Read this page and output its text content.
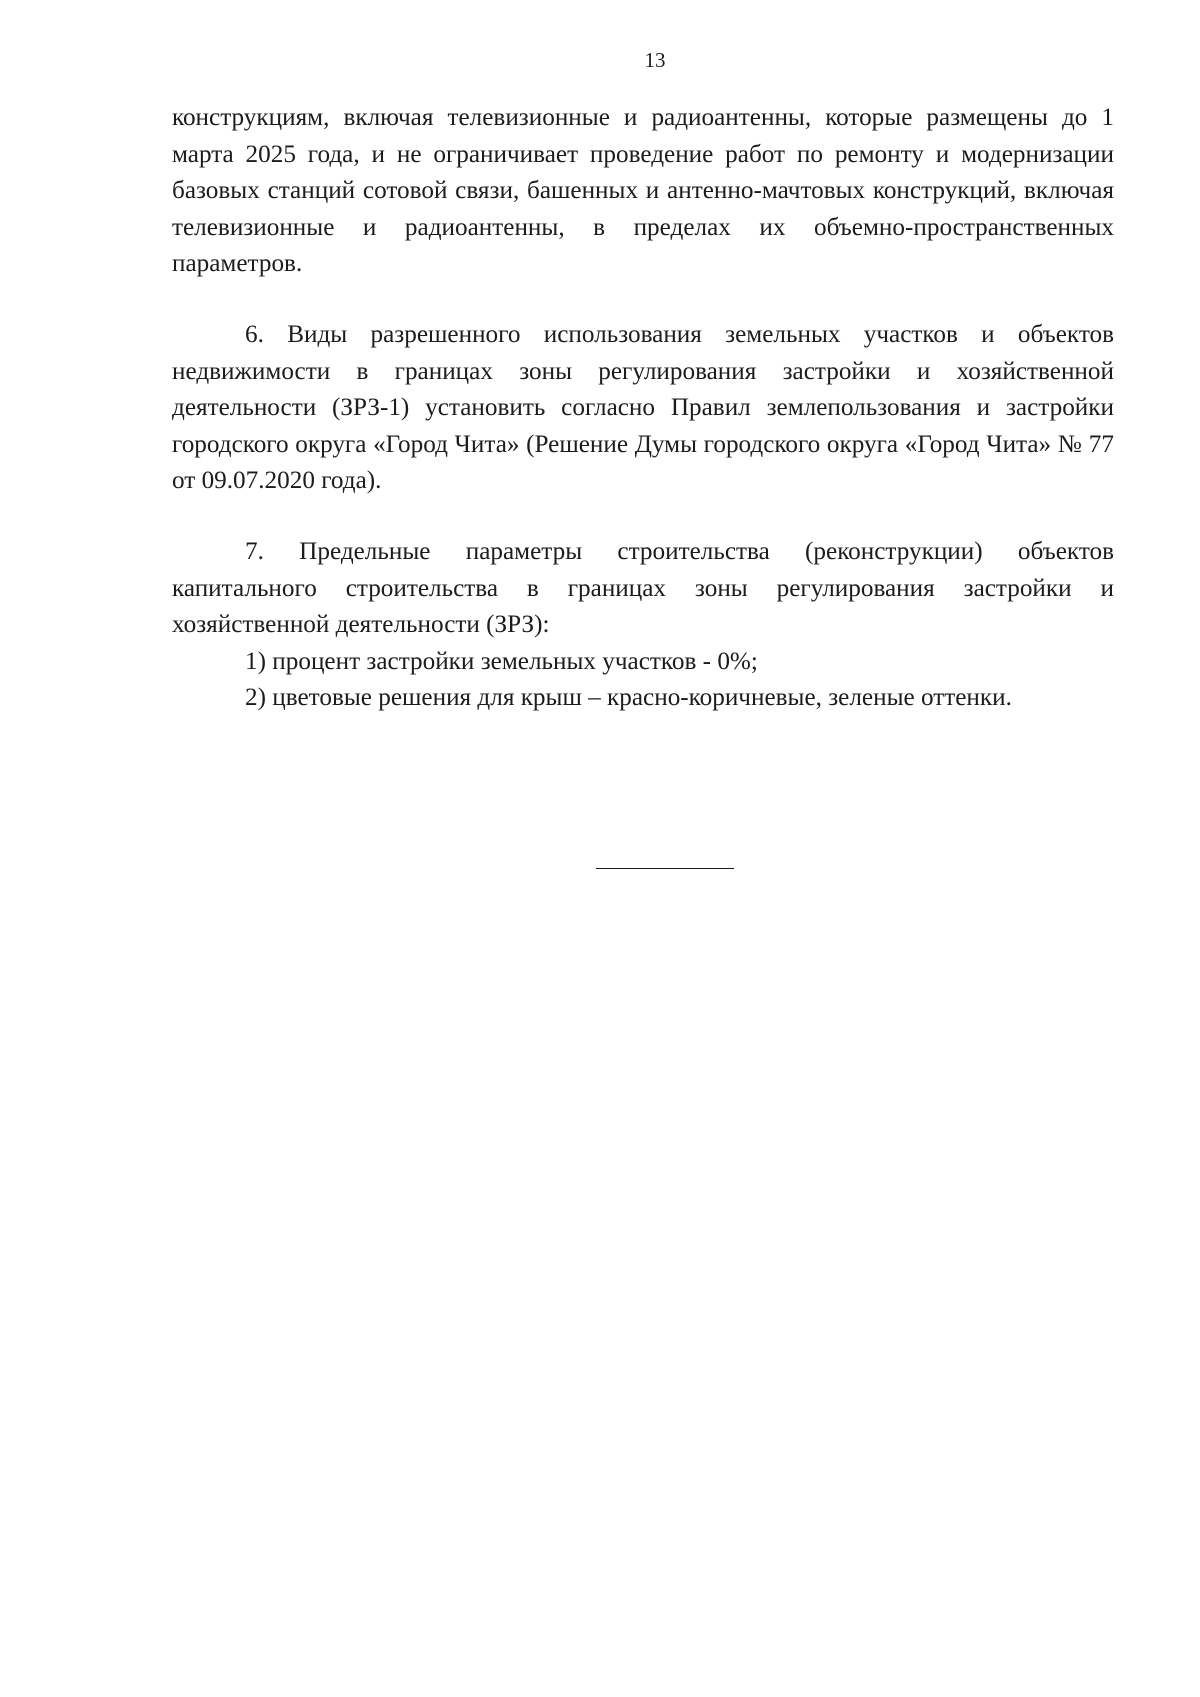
13

конструкциям, включая телевизионные и радиоантенны, которые размещены до 1 марта 2025 года, и не ограничивает проведение работ по ремонту и модернизации базовых станций сотовой связи, башенных и антенно-мачтовых конструкций, включая телевизионные и радиоантенны, в пределах их объемно-пространственных параметров.

6. Виды разрешенного использования земельных участков и объектов недвижимости в границах зоны регулирования застройки и хозяйственной деятельности (ЗРЗ-1) установить согласно Правил землепользования и застройки городского округа «Город Чита» (Решение Думы городского округа «Город Чита» № 77 от 09.07.2020 года).

7. Предельные параметры строительства (реконструкции) объектов капитального строительства в границах зоны регулирования застройки и хозяйственной деятельности (ЗРЗ):

1) процент застройки земельных участков - 0%;

2) цветовые решения для крыш – красно-коричневые, зеленые оттенки.
